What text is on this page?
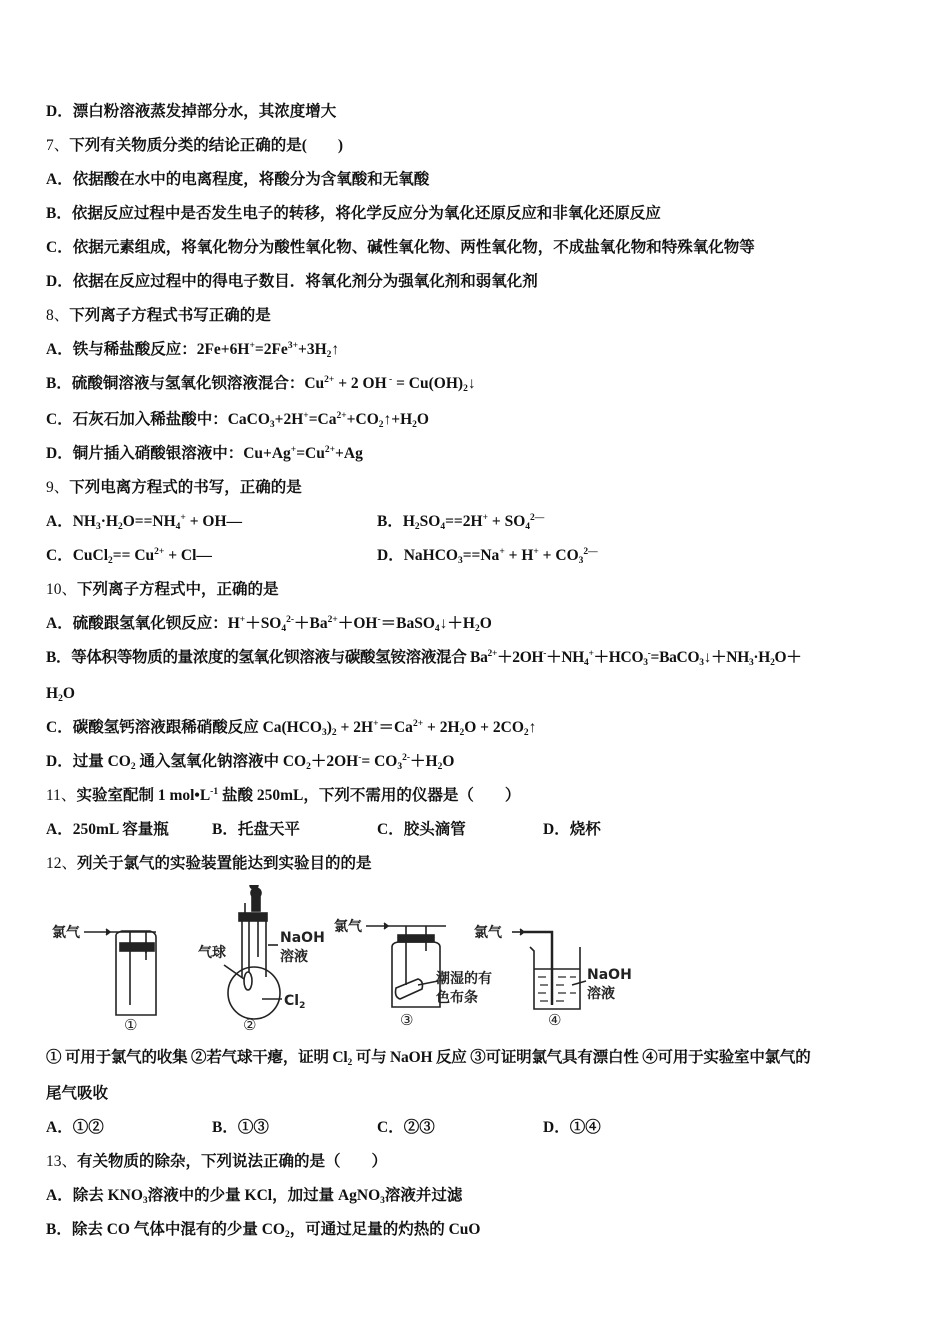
D．漂白粉溶液蒸发掉部分水，其浓度增大
7、下列有关物质分类的结论正确的是(　　)
A．依据酸在水中的电离程度，将酸分为含氧酸和无氧酸
B．依据反应过程中是否发生电子的转移，将化学反应分为氧化还原反应和非氧化还原反应
C．依据元素组成，将氧化物分为酸性氧化物、碱性氧化物、两性氧化物，不成盐氧化物和特殊氧化物等
D．依据在反应过程中的得电子数目．将氧化剂分为强氧化剂和弱氧化剂
8、下列离子方程式书写正确的是
A．铁与稀盐酸反应：$2Fe+6H^+=2Fe^{3+}+3H_2↑$
B．硫酸铜溶液与氢氧化钡溶液混合：$Cu^{2+} + 2$ OH $^- = Cu(OH)_2↓$
C．石灰石加入稀盐酸中：$CaCO_3+2H^+=Ca^{2+}+CO_2↑+H_2O$
D．铜片插入硝酸银溶液中：$Cu+Ag^+=Cu^{2+}+Ag$
9、下列电离方程式的书写，正确的是
A．$NH_3\cdot H_2O==NH_4^+$ + OH—	B．$H_2SO_4==2H^+ + SO_4^{2—}$
C．CuCl$_2$== $Cu^{2+}$ + Cl—	D．NaHCO$_3$==Na+ + $H^+ + CO_3^{2—}$
10、下列离子方程式中，正确的是
A．硫酸跟氢氧化钡反应：$H^++SO_4^{2-}+Ba^{2+}+OH^-=BaSO_4↓+H_2O$
B．等体积等物质的量浓度的氢氧化钡溶液与碳酸氢铵溶液混合 $Ba^{2+}+2OH^-+NH_4^++HCO_3^-=BaCO_3↓+NH_3\cdot H_2O+$
$H_2O$
C．碳酸氢钙溶液跟稀硝酸反应 $Ca(HCO_3)_2 + 2H^+=Ca^{2+} + 2H_2O$ + $2CO_2↑$
D．过量 $CO_2$ 通入氢氧化钠溶液中 $CO_2+2OH^-= CO_3^{2-}+H_2O$
11、实验室配制 1 $mol•L^{-1}$ 盐酸 250mL，下列不需用的仪器是（　　）
A．250mL 容量瓶	B．托盘天平	C．胶头滴管	D．烧杯
12、列关于氯气的实验装置能达到实验目的的是
氯气
①
NaOH
溶液
气球
$Cl_2$
②
氯气
潮湿的有
色布条
③
氯气
NaOH
溶液
④
① 可用于氯气的收集 ②若气球干瘪，证明 $Cl_2$ 可与 NaOH 反应 ③可证明氯气具有漂白性 ④可用于实验室中氯气的
尾气吸收
A．①②	B．①③	C．②③	D．①④
13、有关物质的除杂，下列说法正确的是（　　）
A．除去 $KNO_3$溶液中的少量 KCl，加过量 AgNO$_3$溶液并过滤
B．除去 CO 气体中混有的少量 $CO_2$，可通过足量的灼热的 CuO
